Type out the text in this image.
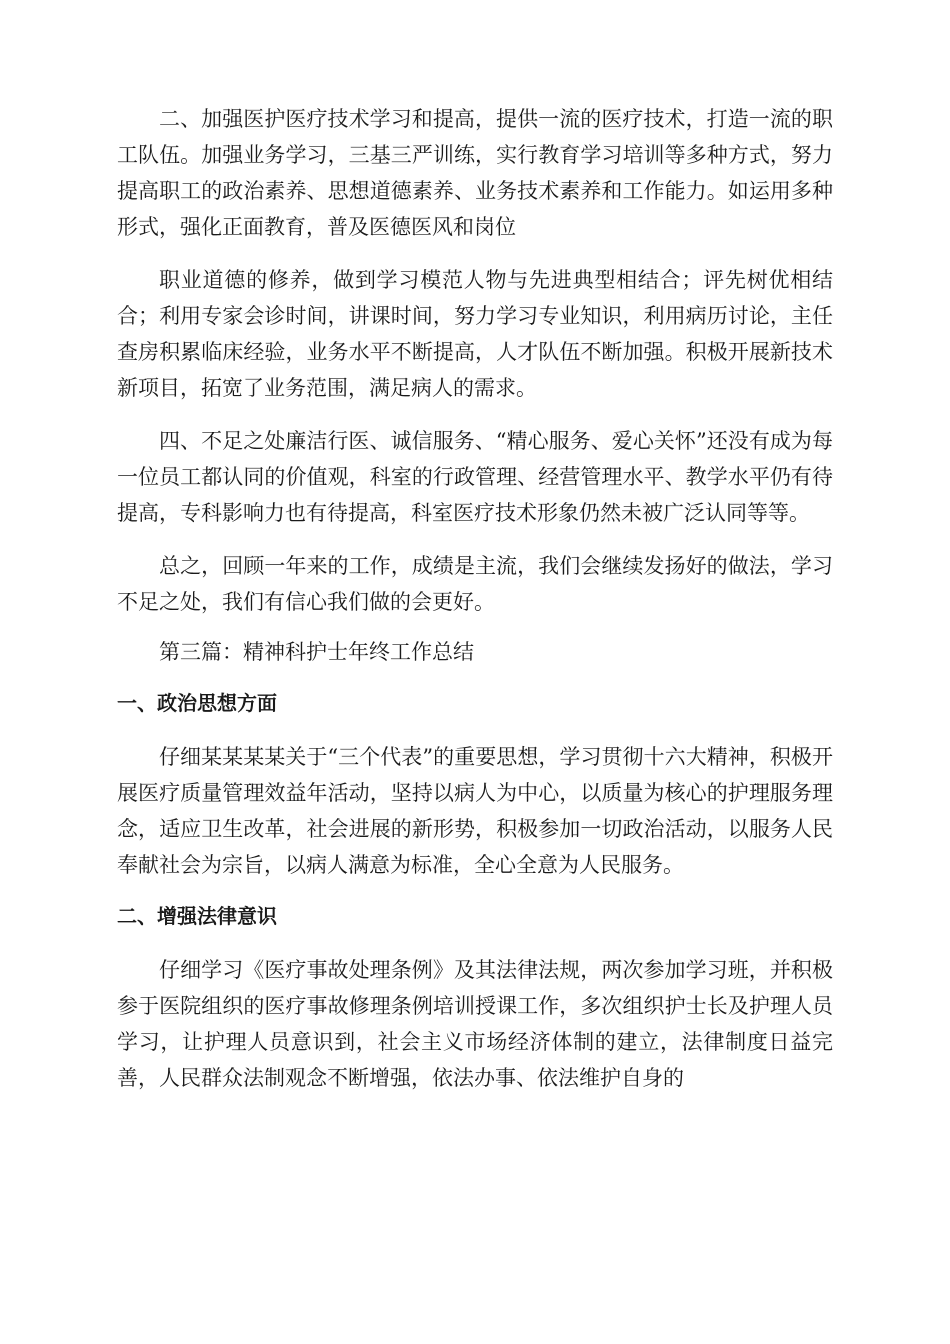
二、加强医护医疗技术学习和提高，提供一流的医疗技术，打造一流的职工队伍。加强业务学习，三基三严训练，实行教育学习培训等多种方式，努力提高职工的政治素养、思想道德素养、业务技术素养和工作能力。如运用多种形式，强化正面教育，普及医德医风和岗位

职业道德的修养，做到学习模范人物与先进典型相结合；评先树优相结合；利用专家会诊时间，讲课时间，努力学习专业知识，利用病历讨论，主任查房积累临床经验，业务水平不断提高，人才队伍不断加强。积极开展新技术新项目，拓宽了业务范围，满足病人的需求。

四、不足之处廉洁行医、诚信服务、“精心服务、爱心关怀”还没有成为每一位员工都认同的价值观，科室的行政管理、经营管理水平、教学水平仍有待提高，专科影响力也有待提高，科室医疗技术形象仍然未被广泛认同等等。

总之，回顾一年来的工作，成绩是主流，我们会继续发扬好的做法，学习不足之处，我们有信心我们做的会更好。

第三篇：精神科护士年终工作总结

一、政治思想方面

仔细某某某某关于“三个代表”的重要思想，学习贯彻十六大精神，积极开展医疗质量管理效益年活动，坚持以病人为中心，以质量为核心的护理服务理念，适应卫生改革，社会进展的新形势，积极参加一切政治活动，以服务人民奉献社会为宗旨，以病人满意为标准，全心全意为人民服务。

二、增强法律意识

仔细学习《医疗事故处理条例》及其法律法规，两次参加学习班，并积极参于医院组织的医疗事故修理条例培训授课工作，多次组织护士长及护理人员学习，让护理人员意识到，社会主义市场经济体制的建立，法律制度日益完善，人民群众法制观念不断增强，依法办事、依法维护自身的
